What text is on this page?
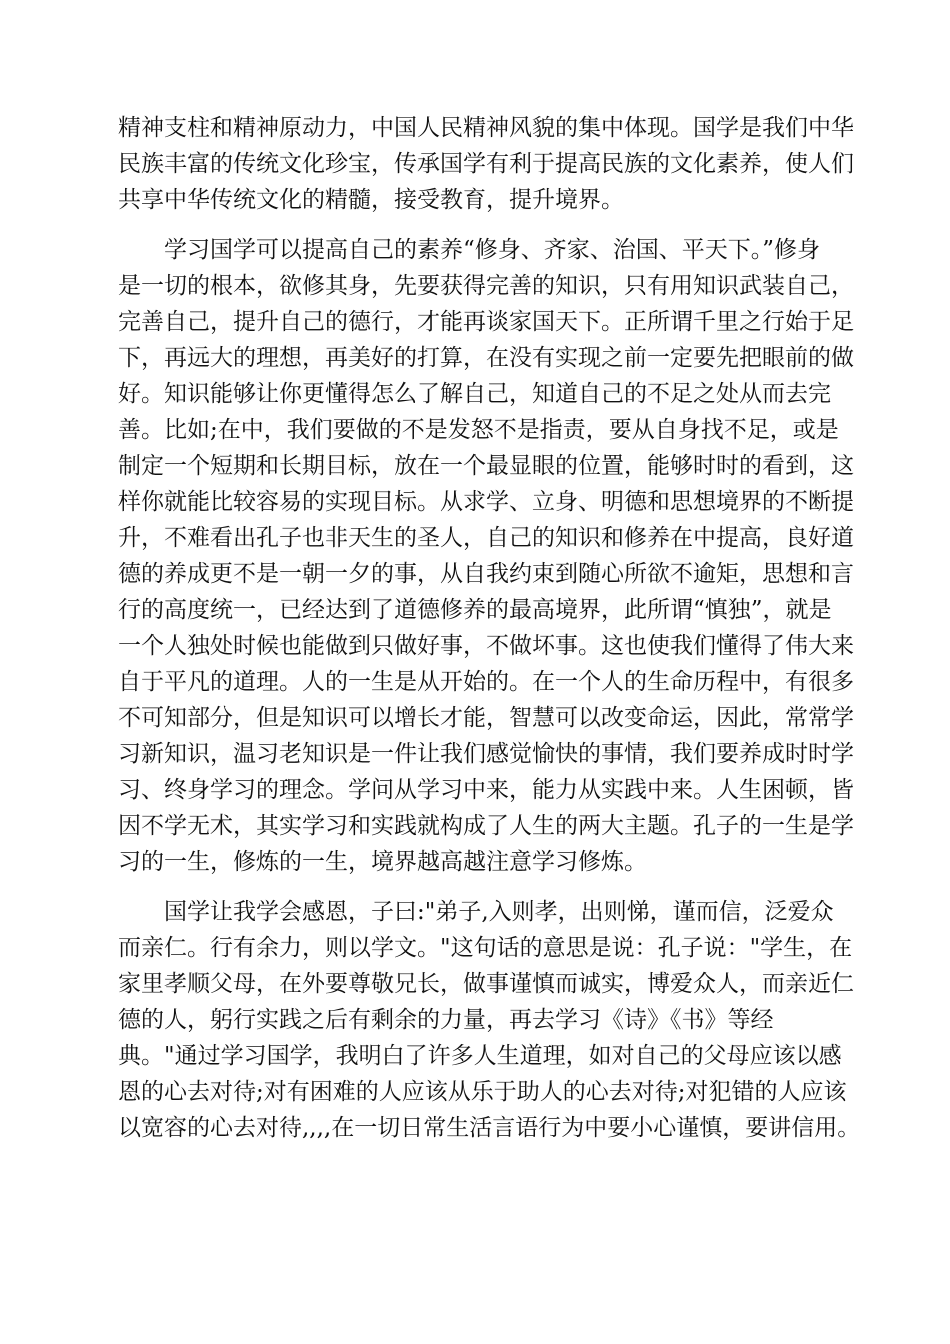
精神支柱和精神原动力，中国人民精神风貌的集中体现。国学是我们中华
民族丰富的传统文化珍宝，传承国学有利于提高民族的文化素养，使人们
共享中华传统文化的精髓，接受教育，提升境界。
　　学习国学可以提高自己的素养“修身、齐家、治国、平天下。”修身
是一切的根本，欲修其身，先要获得完善的知识，只有用知识武装自己，
完善自己，提升自己的德行，才能再谈家国天下。正所谓千里之行始于足
下，再远大的理想，再美好的打算，在没有实现之前一定要先把眼前的做
好。知识能够让你更懂得怎么了解自己，知道自己的不足之处从而去完
善。比如;在中，我们要做的不是发怒不是指责，要从自身找不足，或是
制定一个短期和长期目标，放在一个最显眼的位置，能够时时的看到，这
样你就能比较容易的实现目标。从求学、立身、明德和思想境界的不断提
升，不难看出孔子也非天生的圣人，自己的知识和修养在中提高，良好道
德的养成更不是一朝一夕的事，从自我约束到随心所欲不逾矩，思想和言
行的高度统一，已经达到了道德修养的最高境界，此所谓“慎独”，就是
一个人独处时候也能做到只做好事，不做坏事。这也使我们懂得了伟大来
自于平凡的道理。人的一生是从开始的。在一个人的生命历程中，有很多
不可知部分，但是知识可以增长才能，智慧可以改变命运，因此，常常学
习新知识，温习老知识是一件让我们感觉愉快的事情，我们要养成时时学
习、终身学习的理念。学问从学习中来，能力从实践中来。人生困顿，皆
因不学无术，其实学习和实践就构成了人生的两大主题。孔子的一生是学
习的一生，修炼的一生，境界越高越注意学习修炼。
　　国学让我学会感恩，子曰:"弟子,入则孝，出则悌，谨而信，泛爱众
而亲仁。行有余力，则以学文。"这句话的意思是说：孔子说："学生，在
家里孝顺父母，在外要尊敬兄长，做事谨慎而诚实，博爱众人，而亲近仁
德的人，躬行实践之后有剩余的力量，再去学习《诗》《书》等经
典。"通过学习国学，我明白了许多人生道理，如对自己的父母应该以感
恩的心去对待;对有困难的人应该从乐于助人的心去对待;对犯错的人应该
以宽容的心去对待,,,,在一切日常生活言语行为中要小心谨慎，要讲信用。
